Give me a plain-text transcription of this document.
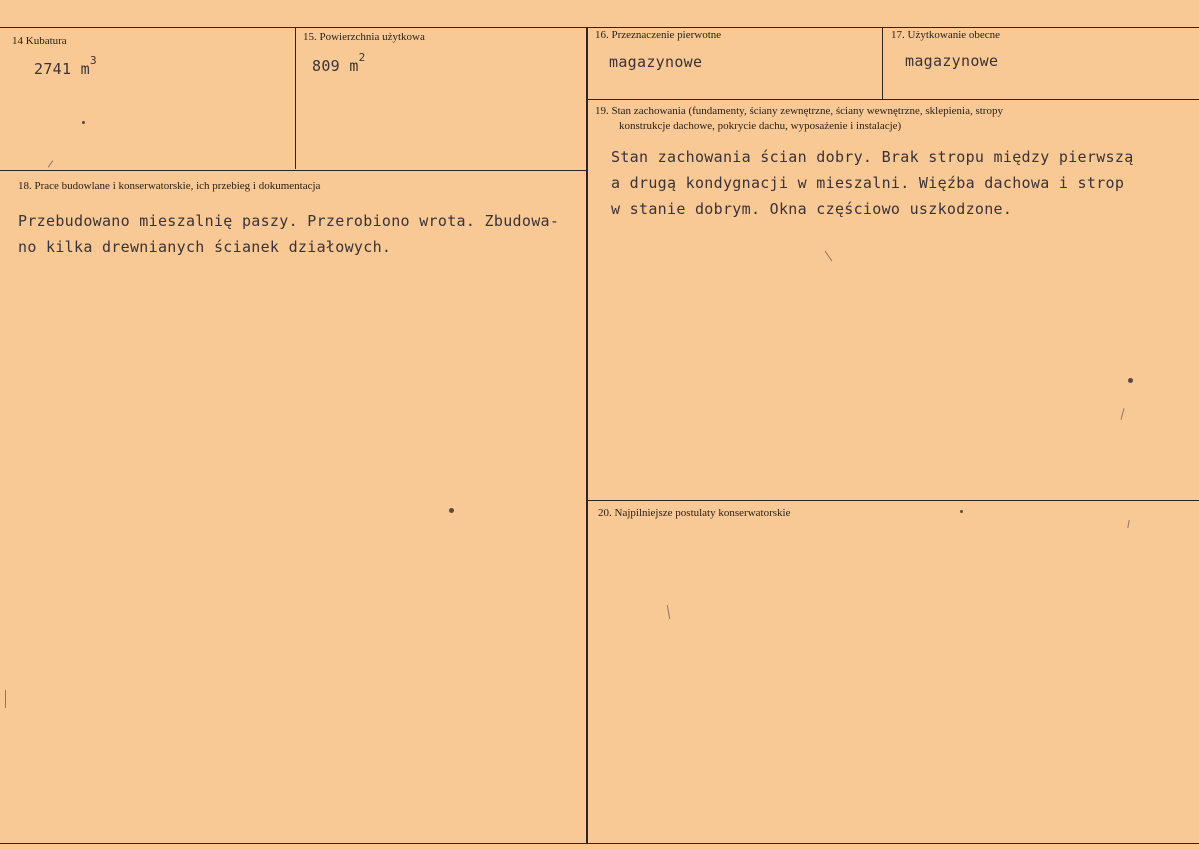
14 Kubatura
2741 $m^3$
15. Powierzchnia użytkowa
809 $m^2$
16. Przeznaczenie pierwotne
magazynowe
17. Użytkowanie obecne
magazynowe
18. Prace budowlane i konserwatorskie, ich przebieg i dokumentacja
Przebudowano mieszalnię paszy. Przerobiono wrota. Zbudowa-
no kilka drewnianych ścianek działowych.
19. Stan zachowania (fundamenty, ściany zewnętrzne, ściany wewnętrzne, sklepienia, stropy
konstrukcje dachowe, pokrycie dachu, wyposażenie i instalacje)
Stan zachowania ścian dobry. Brak stropu między pierwszą
a drugą kondygnacji w mieszalni. Więźba dachowa i strop
w stanie dobrym. Okna częściowo uszkodzone.
20. Najpilniejsze postulaty konserwatorskie
